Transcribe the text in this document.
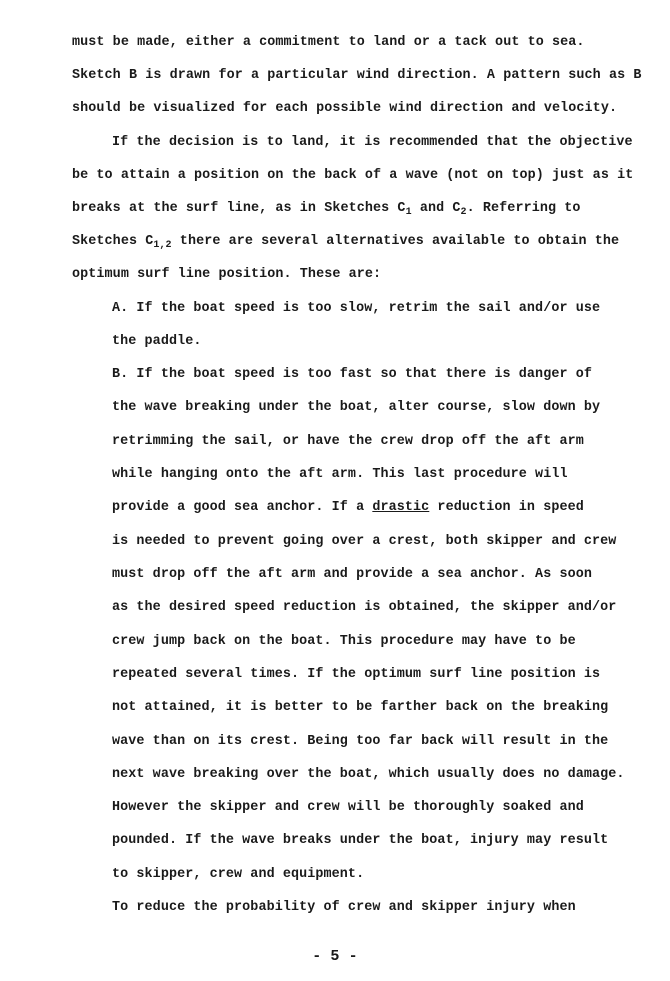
must be made, either a commitment to land or a tack out to sea.
Sketch B is drawn for a particular wind direction. A pattern such as B
should be visualized for each possible wind direction and velocity.
If the decision is to land, it is recommended that the objective
be to attain a position on the back of a wave (not on top) just as it
breaks at the surf line, as in Sketches $C_1$ and $C_2$. Referring to
Sketches $C_{1,2}$ there are several alternatives available to obtain the
optimum surf line position. These are:
A. If the boat speed is too slow, retrim the sail and/or use
the paddle.
B. If the boat speed is too fast so that there is danger of
the wave breaking under the boat, alter course, slow down by
retrimming the sail, or have the crew drop off the aft arm
while hanging onto the aft arm. This last procedure will
provide a good sea anchor. If a drastic reduction in speed
is needed to prevent going over a crest, both skipper and crew
must drop off the aft arm and provide a sea anchor. As soon
as the desired speed reduction is obtained, the skipper and/or
crew jump back on the boat. This procedure may have to be
repeated several times. If the optimum surf line position is
not attained, it is better to be farther back on the breaking
wave than on its crest. Being too far back will result in the
next wave breaking over the boat, which usually does no damage.
However the skipper and crew will be thoroughly soaked and
pounded. If the wave breaks under the boat, injury may result
to skipper, crew and equipment.
To reduce the probability of crew and skipper injury when
- 5 -
